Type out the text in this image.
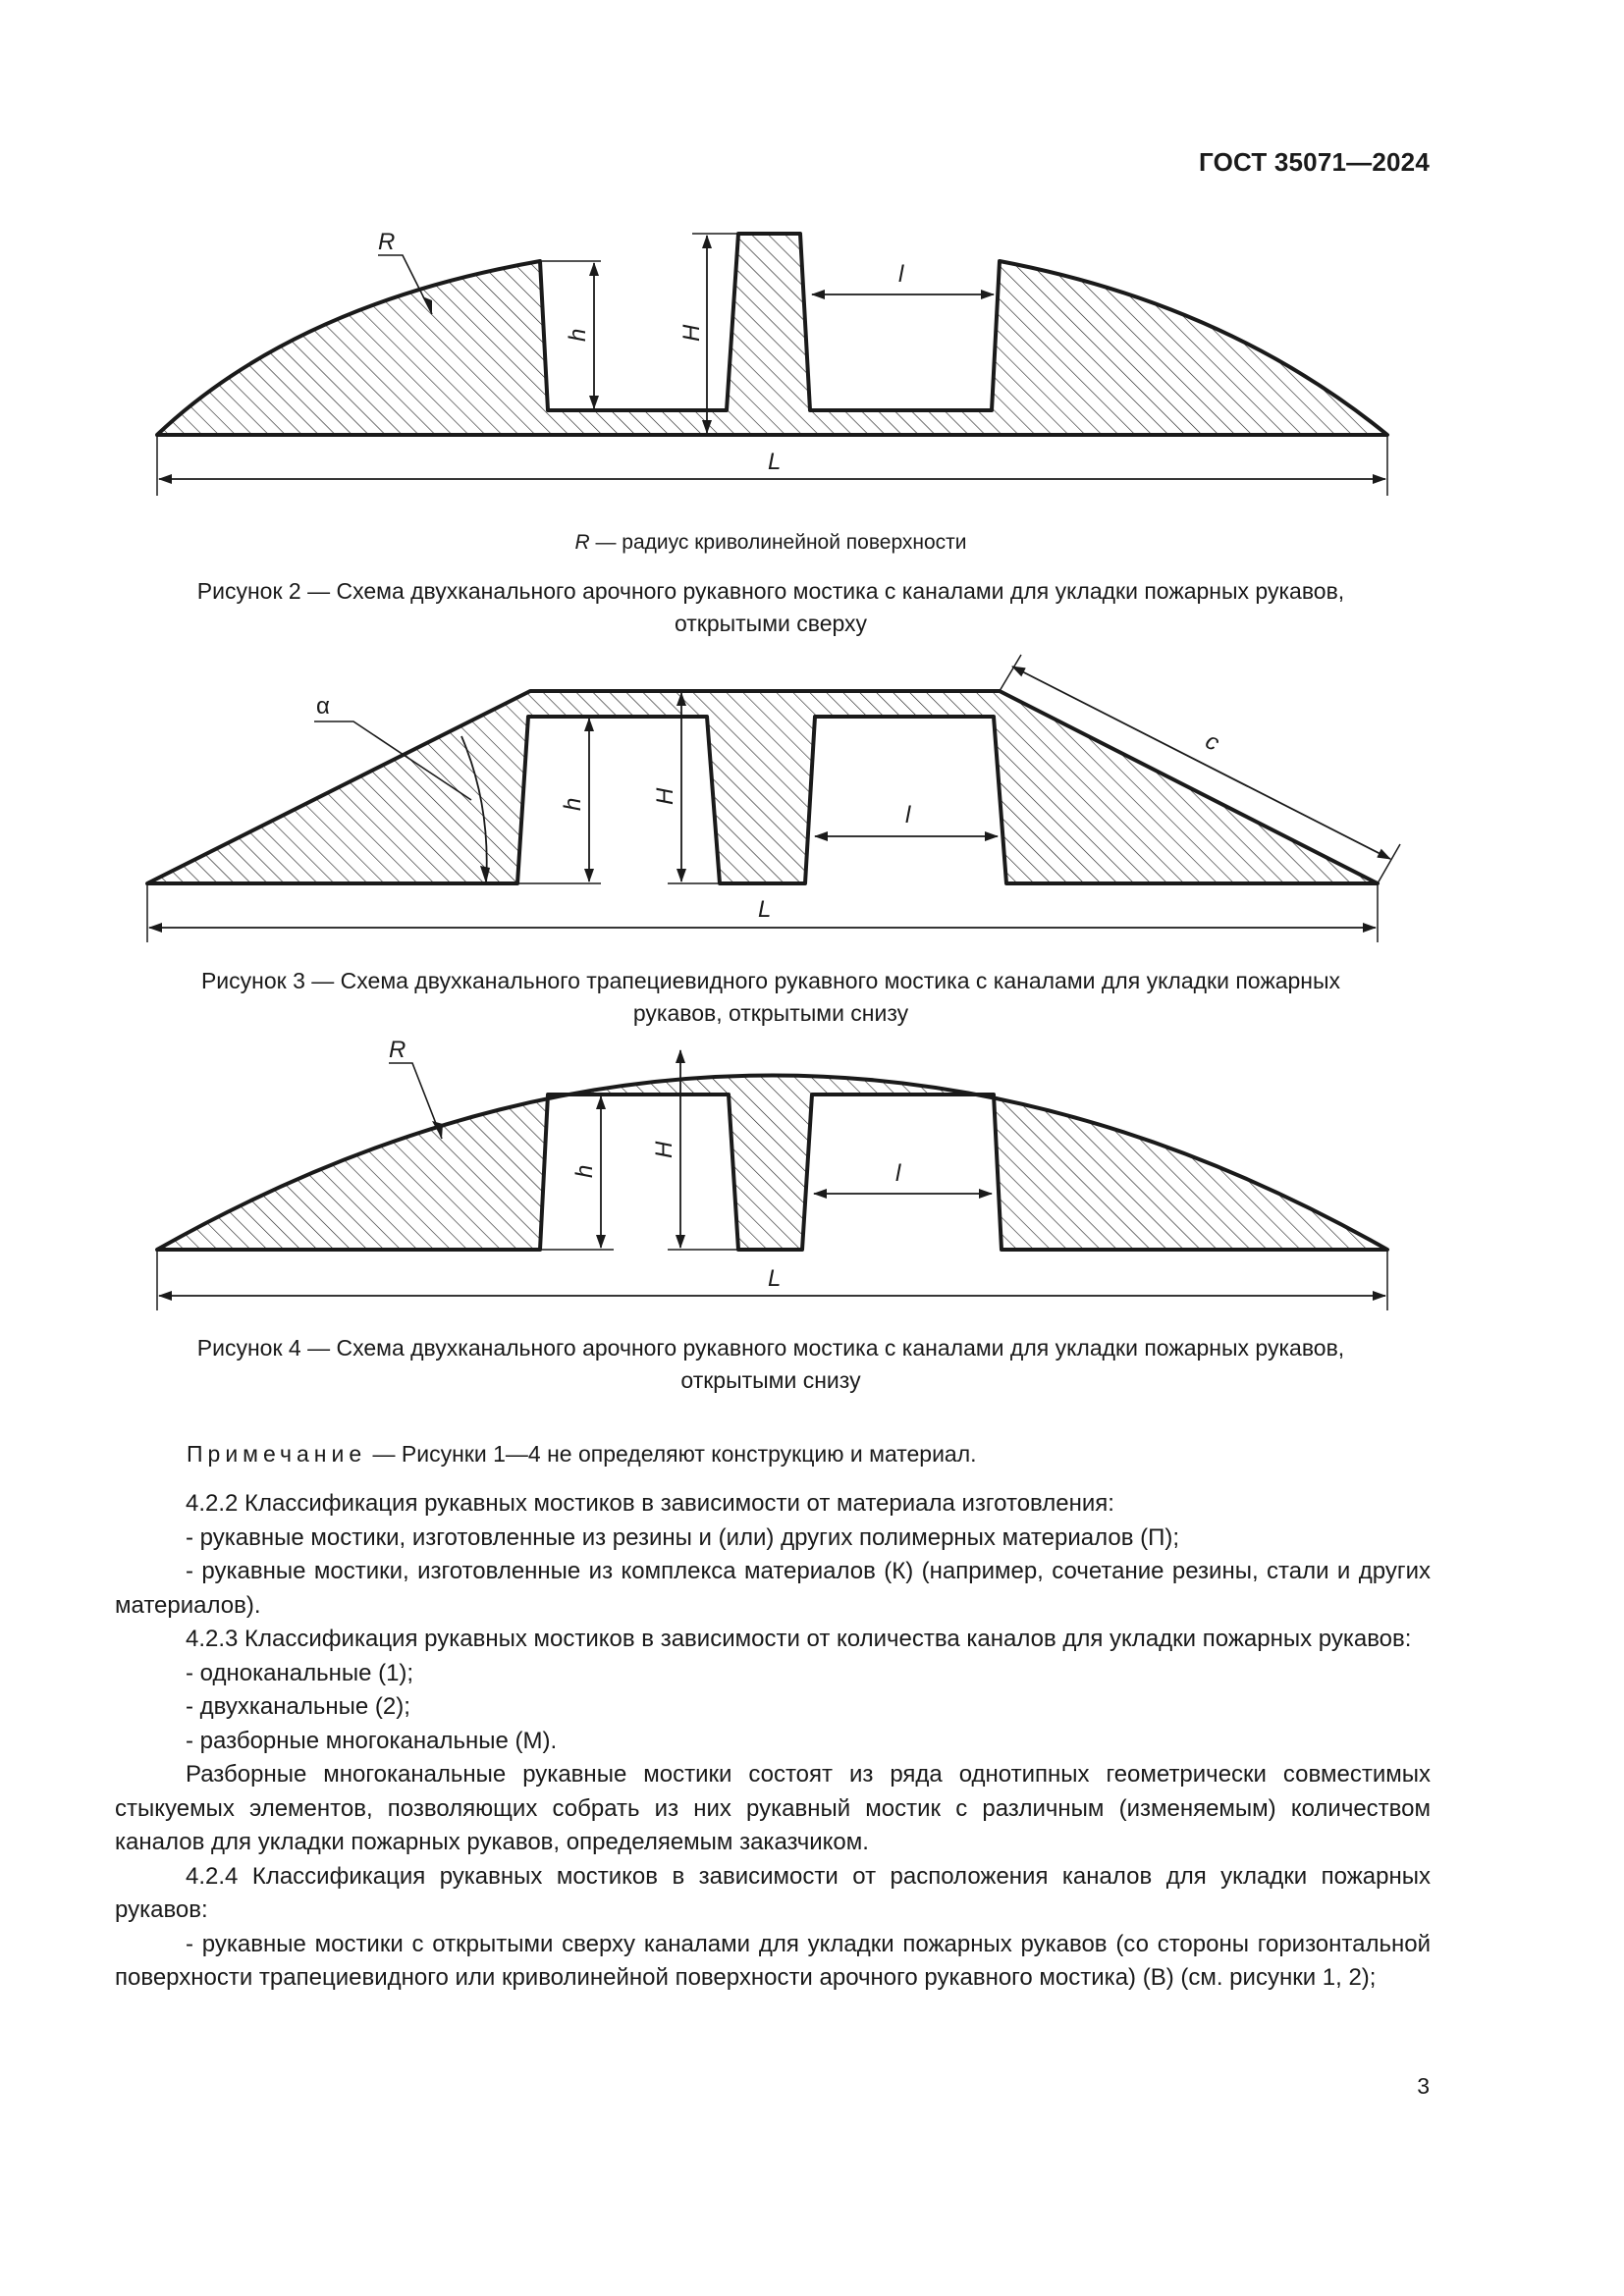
ГОСТ 35071—2024
L
h	H
l
R
R — радиус криволинейной поверхности
Рисунок 2 — Схема двухканального арочного рукавного мостика с каналами для укладки пожарных рукавов,
открытыми сверху
L
h	H
l
α
c
Рисунок 3 — Схема двухканального трапециевидного рукавного мостика с каналами для укладки пожарных
рукавов, открытыми снизу
L
h
H
l
R
Рисунок 4 — Схема двухканального арочного рукавного мостика с каналами для укладки пожарных рукавов,
открытыми снизу
Примечание — Рисунки 1—4 не определяют конструкцию и материал.

4.2.2 Классификация рукавных мостиков в зависимости от материала изготовления:

- рукавные мостики, изготовленные из резины и (или) других полимерных материалов (П);

- рукавные мостики, изготовленные из комплекса материалов (К) (например, сочетание резины, стали и других материалов).

4.2.3 Классификация рукавных мостиков в зависимости от количества каналов для укладки пожарных рукавов:

- одноканальные (1);

- двухканальные (2);

- разборные многоканальные (М).

Разборные многоканальные рукавные мостики состоят из ряда однотипных геометрически совместимых стыкуемых элементов, позволяющих собрать из них рукавный мостик с различным (изменяемым) количеством каналов для укладки пожарных рукавов, определяемым заказчиком.

4.2.4 Классификация рукавных мостиков в зависимости от расположения каналов для укладки пожарных рукавов:

- рукавные мостики с открытыми сверху каналами для укладки пожарных рукавов (со стороны горизонтальной поверхности трапециевидного или криволинейной поверхности арочного рукавного мостика) (В) (см. рисунки 1, 2);

3
